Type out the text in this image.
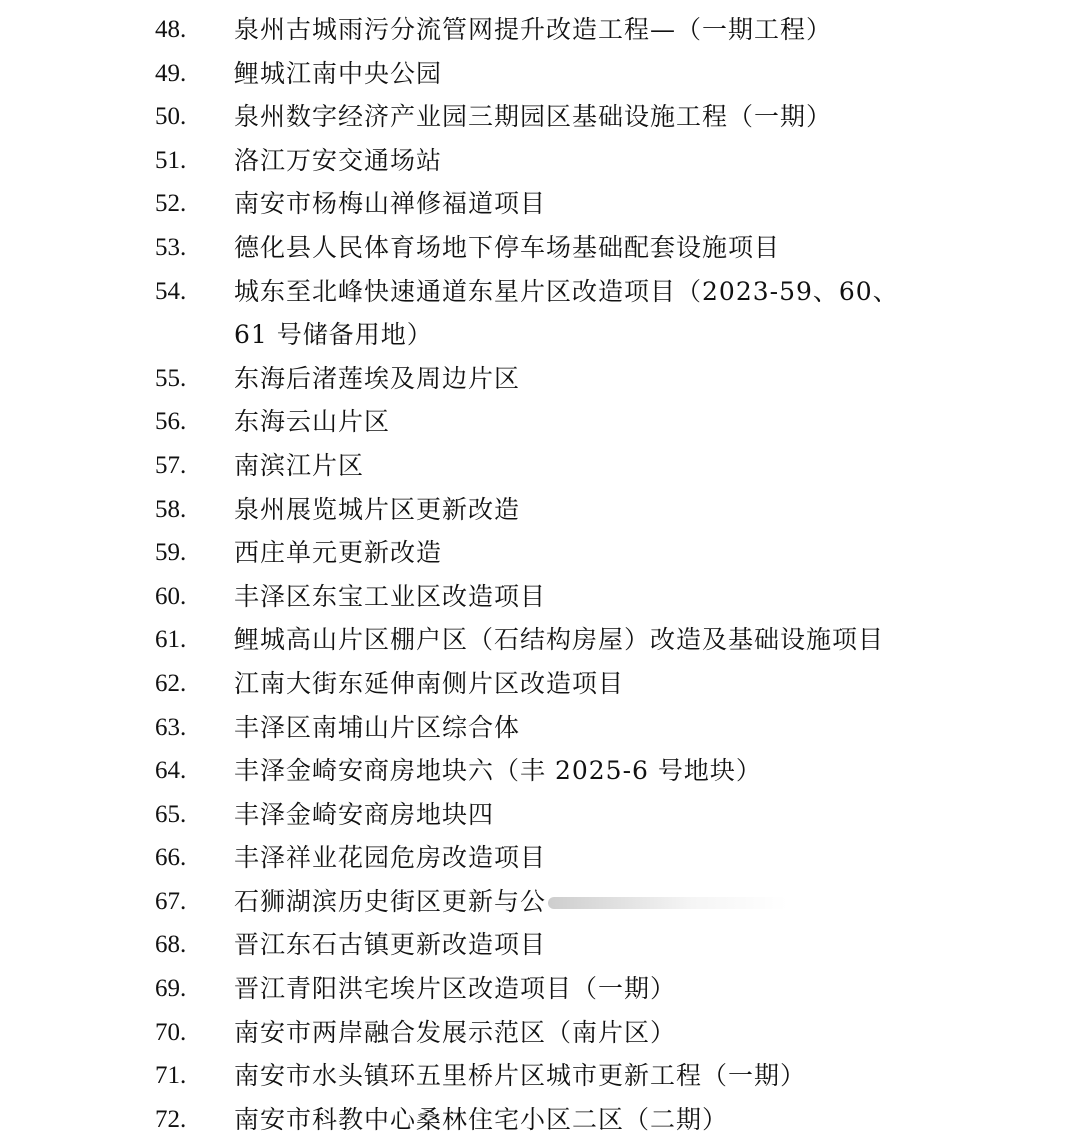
48. 泉州古城雨污分流管网提升改造工程—（一期工程）
49. 鲤城江南中央公园
50. 泉州数字经济产业园三期园区基础设施工程（一期）
51. 洛江万安交通场站
52. 南安市杨梅山禅修福道项目
53. 德化县人民体育场地下停车场基础配套设施项目
54. 城东至北峰快速通道东星片区改造项目（2023-59、60、
61 号储备用地）
55. 东海后渚莲埃及周边片区
56. 东海云山片区
57. 南滨江片区
58. 泉州展览城片区更新改造
59. 西庄单元更新改造
60. 丰泽区东宝工业区改造项目
61. 鲤城高山片区棚户区（石结构房屋）改造及基础设施项目
62. 江南大街东延伸南侧片区改造项目
63. 丰泽区南埔山片区综合体
64. 丰泽金崎安商房地块六（丰 2025-6 号地块）
65. 丰泽金崎安商房地块四
66. 丰泽祥业花园危房改造项目
67. 石狮湖滨历史街区更新与公
68. 晋江东石古镇更新改造项目
69. 晋江青阳洪宅埃片区改造项目（一期）
70. 南安市两岸融合发展示范区（南片区）
71. 南安市水头镇环五里桥片区城市更新工程（一期）
72. 南安市科教中心桑林住宅小区二区（二期）
